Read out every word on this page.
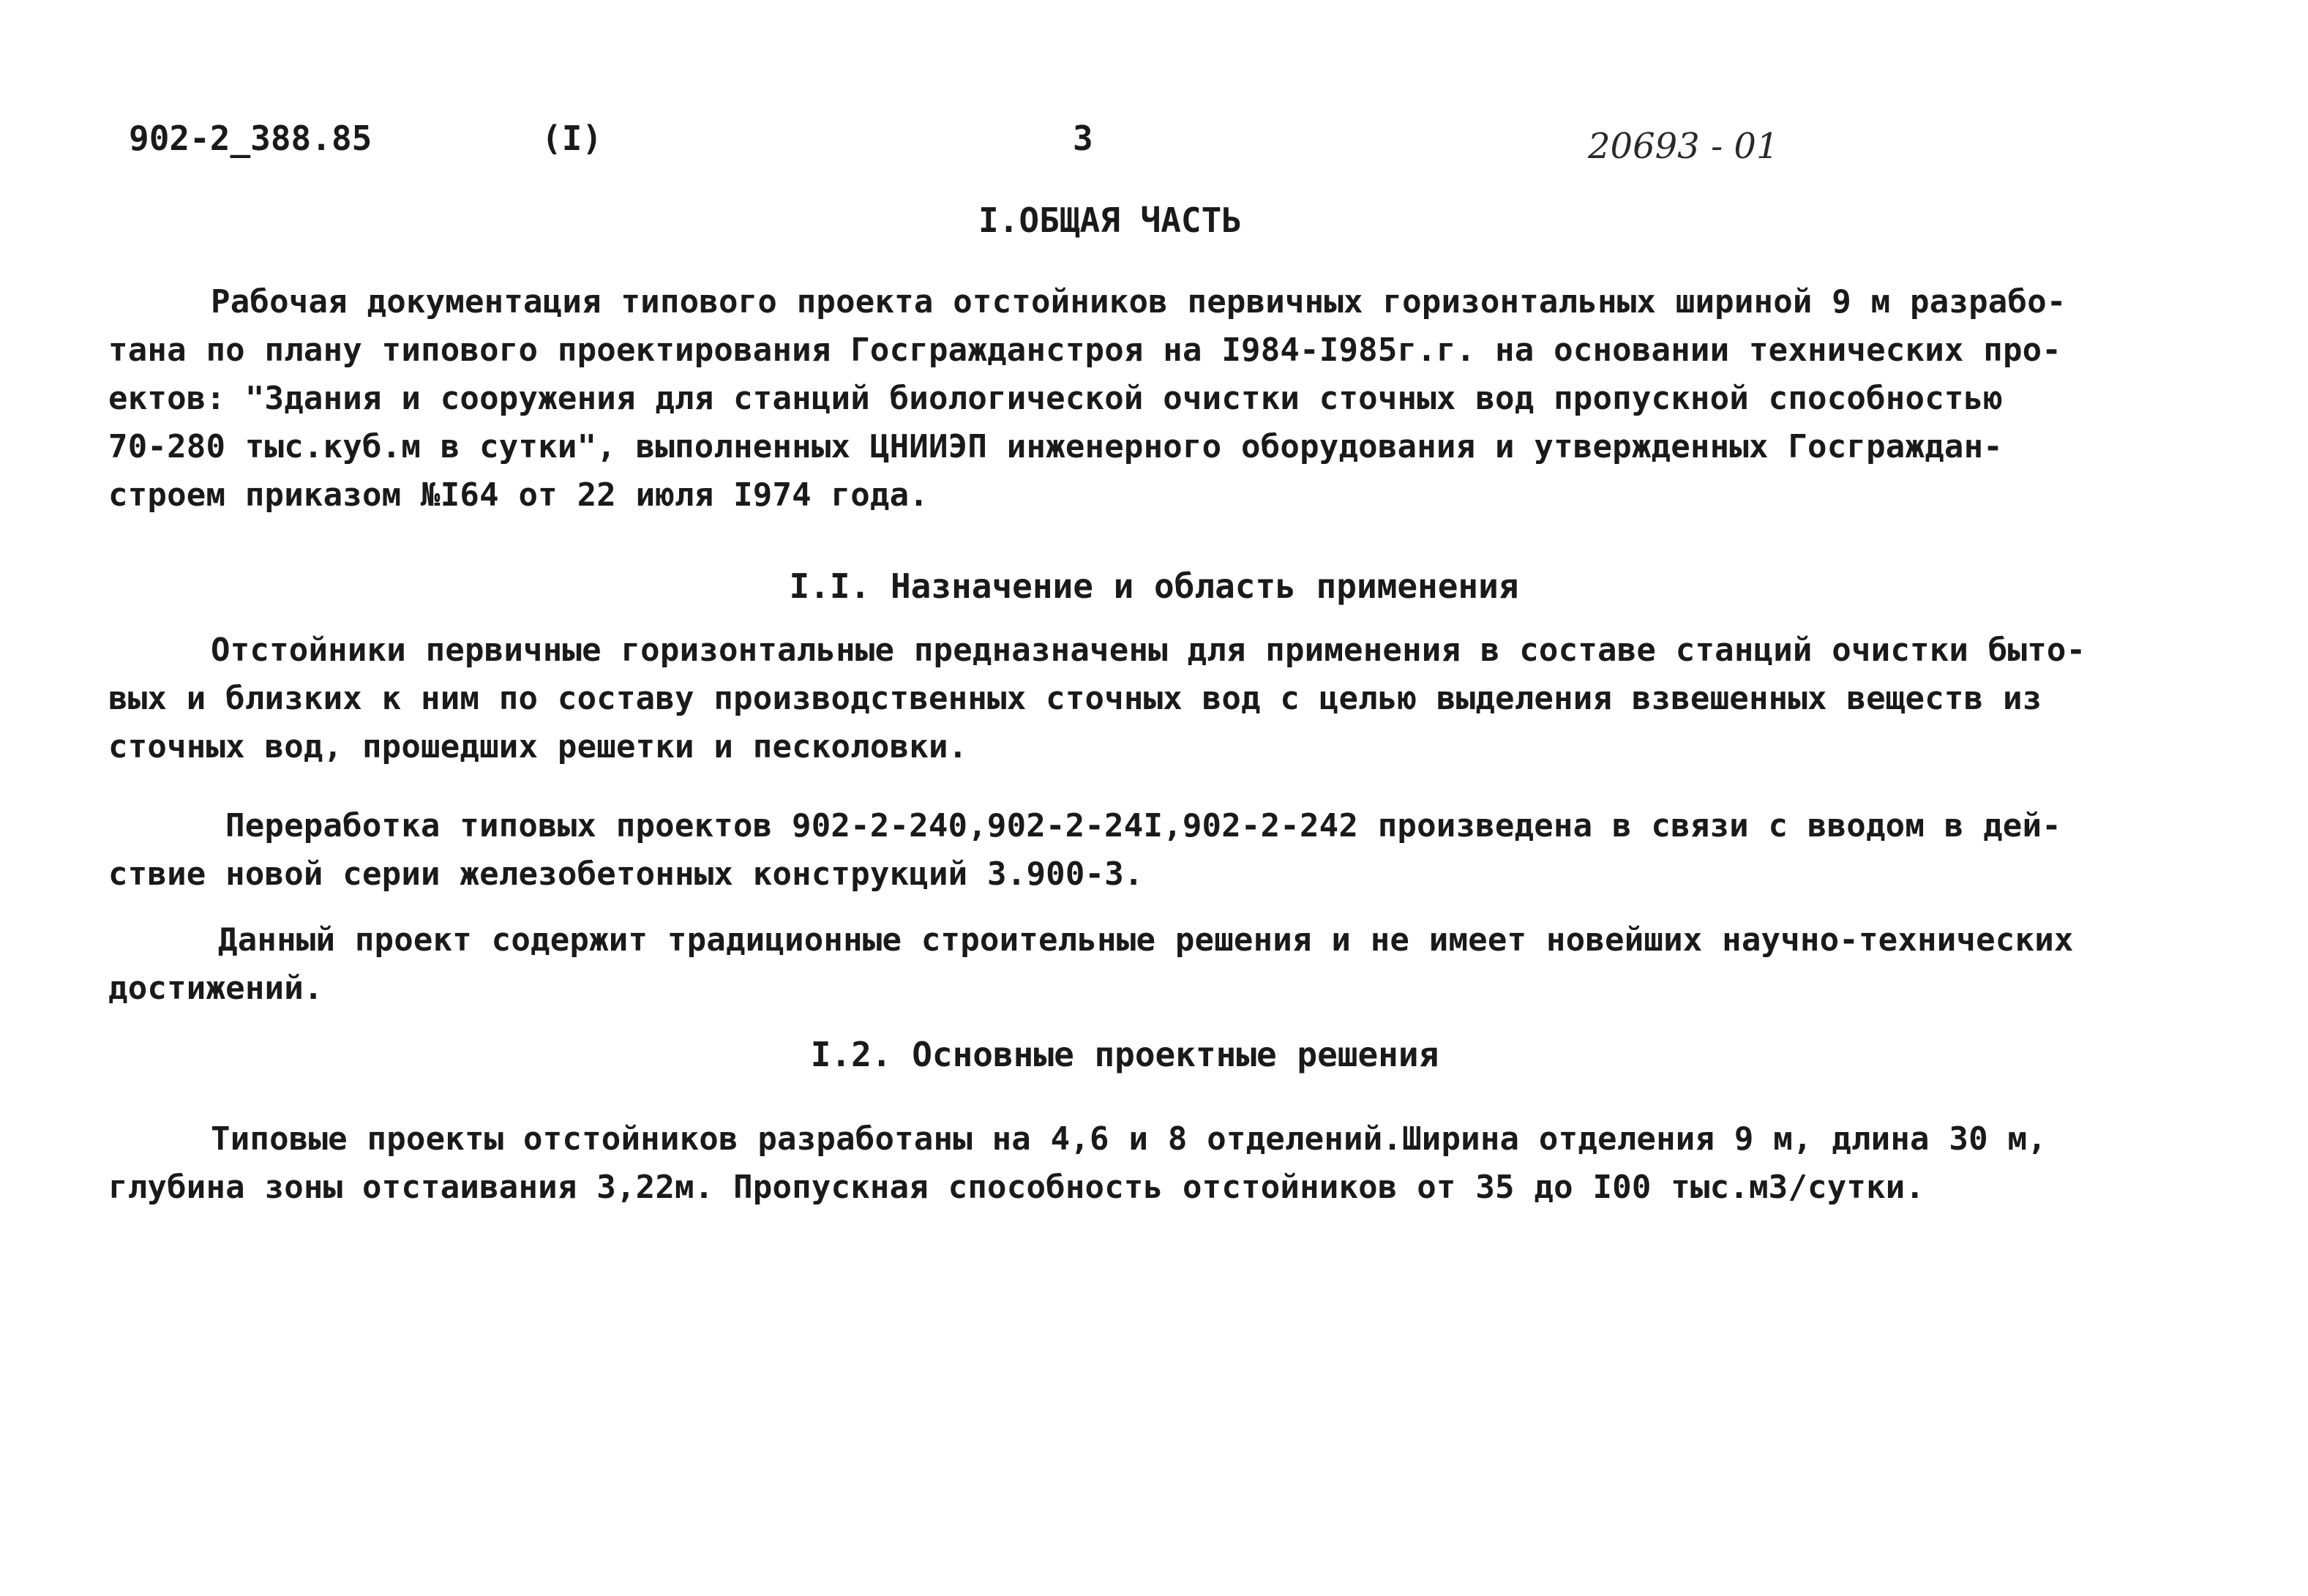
902-2_388.85	(I)	3	20693 - 01
I.ОБЩАЯ ЧАСТЬ
Рабочая документация типового проекта отстойников первичных горизонтальных шириной 9 м разрабо-
тана по плану типового проектирования Госгражданстроя на I984-I985г.г. на основании технических про-
ектов: "Здания и сооружения для станций биологической очистки сточных вод пропускной способностью
70-280 тыс.куб.м в сутки", выполненных ЦНИИЭП инженерного оборудования и утвержденных Госграждан-
строем приказом №I64 от 22 июля I974 года.
I.I. Назначение и область применения
Отстойники первичные горизонтальные предназначены для применения в составе станций очистки быто-
вых и близких к ним по составу производственных сточных вод с целью выделения взвешенных веществ из
сточных вод, прошедших решетки и песколовки.
Переработка типовых проектов 902-2-240,902-2-24I,902-2-242 произведена в связи с вводом в дей-
ствие новой серии железобетонных конструкций 3.900-3.
Данный проект содержит традиционные строительные решения и не имеет новейших научно-технических
достижений.
I.2. Основные проектные решения
Типовые проекты отстойников разработаны на 4,6 и 8 отделений.Ширина отделения 9 м, длина 30 м,
глубина зоны отстаивания 3,22м. Пропускная способность отстойников от 35 до I00 тыс.м3/сутки.
